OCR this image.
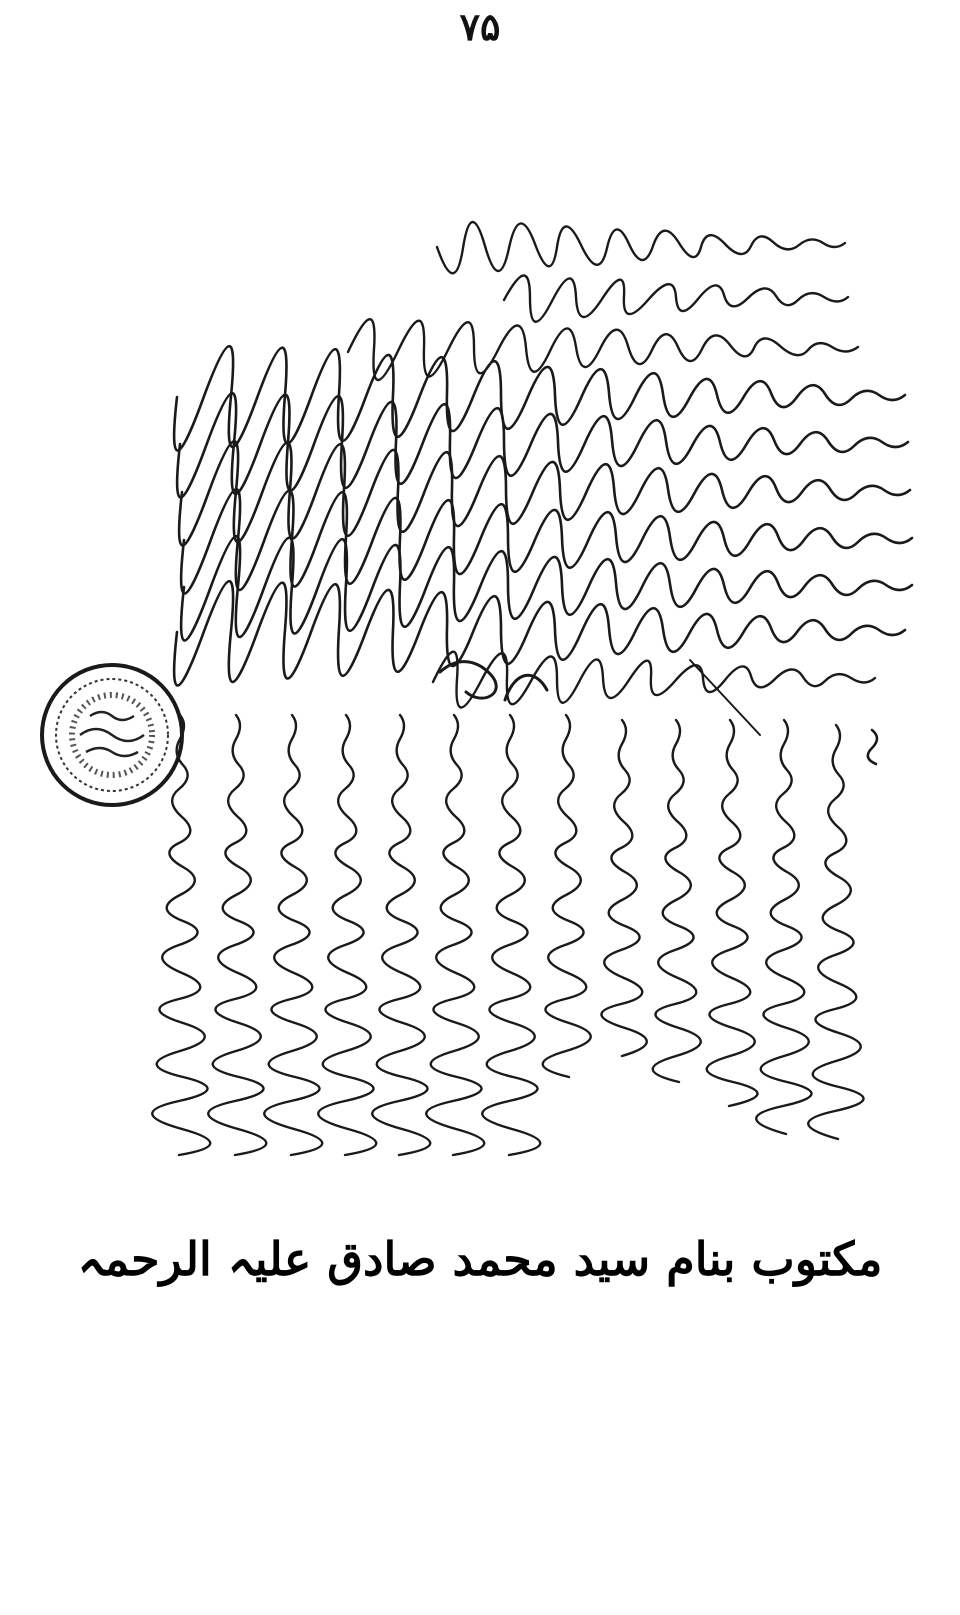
۷۵
مکتوب بنام سید محمد صادق علیہ الرحمہ
